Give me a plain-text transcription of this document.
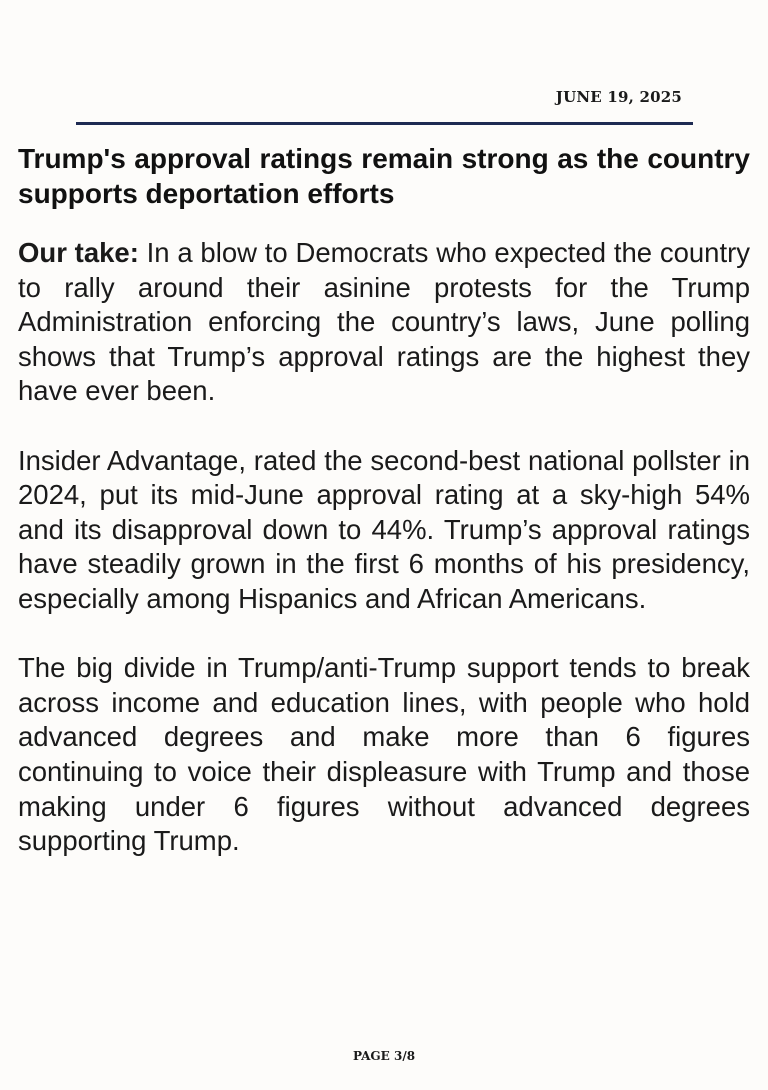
JUNE 19, 2025
Trump's approval ratings remain strong as the country supports deportation efforts

Our take: In a blow to Democrats who expected the country to rally around their asinine protests for the Trump Administration enforcing the country’s laws, June polling shows that Trump’s approval ratings are the highest they have ever been.

Insider Advantage, rated the second-best national pollster in 2024, put its mid-June approval rating at a sky-high 54% and its disapproval down to 44%. Trump’s approval ratings have steadily grown in the first 6 months of his presidency, especially among Hispanics and African Americans.

The big divide in Trump/anti-Trump support tends to break across income and education lines, with people who hold advanced degrees and make more than 6 figures continuing to voice their displeasure with Trump and those making under 6 figures without advanced degrees supporting Trump.

PAGE 3/8
